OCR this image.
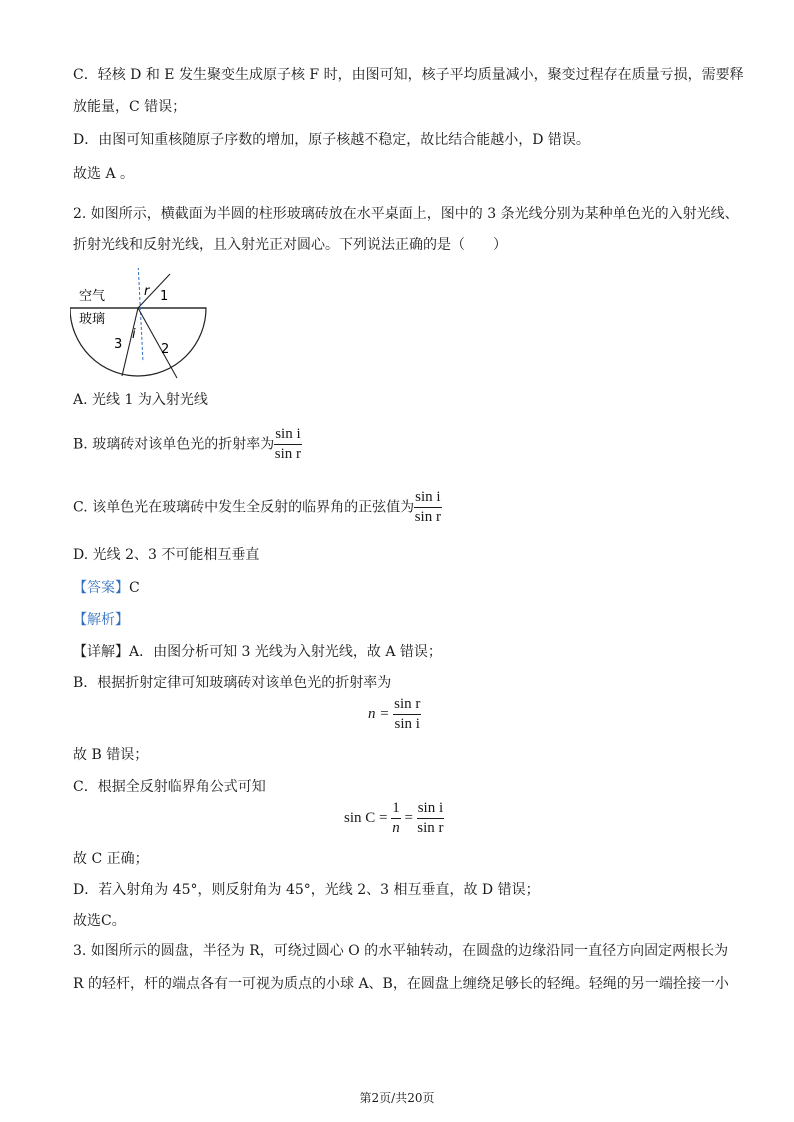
C．轻核 D 和 E 发生聚变生成原子核 F 时，由图可知，核子平均质量减小，聚变过程存在质量亏损，需要释
放能量，C 错误；
D．由图可知重核随原子序数的增加，原子核越不稳定，故比结合能越小，D 错误。
故选 A 。
2. 如图所示，横截面为半圆的柱形玻璃砖放在水平桌面上，图中的 3 条光线分别为某种单色光的入射光线、
折射光线和反射光线，且入射光正对圆心。下列说法正确的是（　　）
空气
玻璃
r
i
1
3	2
A. 光线 1 为入射光线
B. 玻璃砖对该单色光的折射率为 $\frac{\text{sin i}}{\text{sin r}}$
C. 该单色光在玻璃砖中发生全反射的临界角的正弦值为 $\frac{\text{sin i}}{\text{sin r}}$
D. 光线 2、3 不可能相互垂直
【答案】C
【解析】
【详解】A．由图分析可知 3 光线为入射光线，故 A 错误；
B．根据折射定律可知玻璃砖对该单色光的折射率为
$n = \frac{\text{sin r}}{\text{sin i}}$
故 B 错误；
C．根据全反射临界角公式可知
$\sin C = \frac{1}{n} = \frac{\text{sin i}}{\text{sin r}}$
故 C 正确；
D．若入射角为 45°，则反射角为 45°，光线 2、3 相互垂直，故 D 错误；
故选C。
3. 如图所示的圆盘，半径为 R，可绕过圆心 O 的水平轴转动，在圆盘的边缘沿同一直径方向固定两根长为
R 的轻杆，杆的端点各有一可视为质点的小球 A、B，在圆盘上缠绕足够长的轻绳。轻绳的另一端拴接一小
第2页/共20页
